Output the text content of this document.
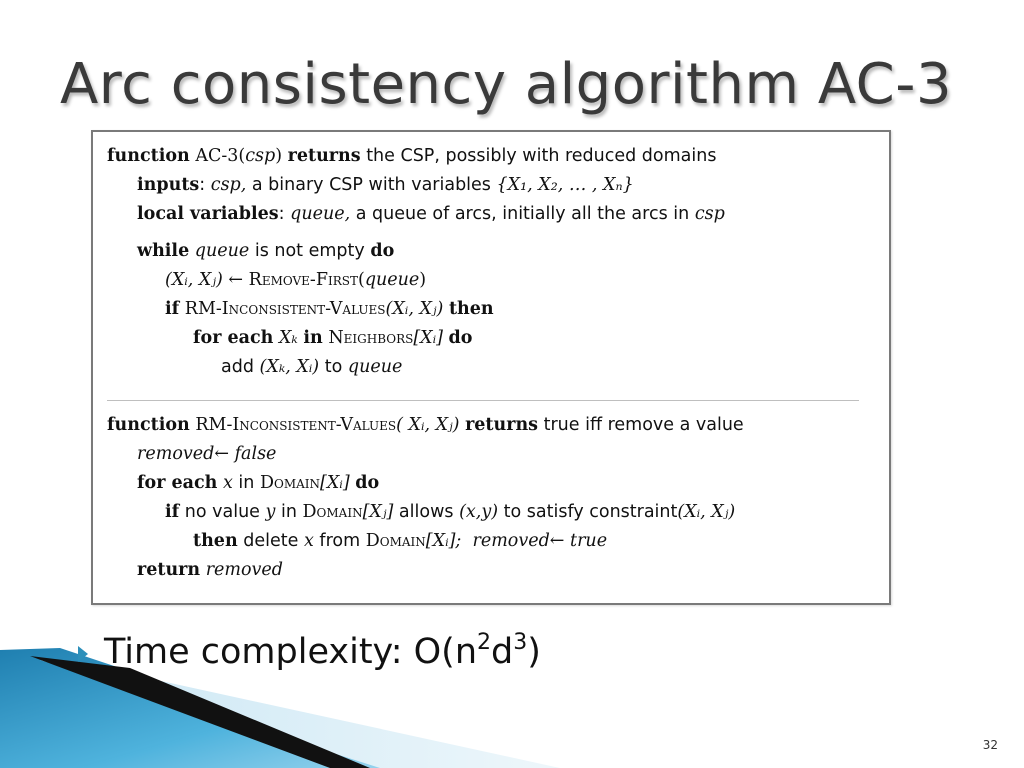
Arc consistency algorithm AC-3
function AC-3(csp) returns the CSP, possibly with reduced domains
inputs: csp, a binary CSP with variables {X₁, X₂, … , Xₙ}
local variables: queue, a queue of arcs, initially all the arcs in csp
while queue is not empty do
(Xᵢ, Xⱼ) ← Remove-First(queue)
if RM-Inconsistent-Values(Xᵢ, Xⱼ) then
for each Xₖ in Neighbors[Xᵢ] do
add (Xₖ, Xᵢ) to queue
function RM-Inconsistent-Values( Xᵢ, Xⱼ) returns true iff remove a value
removed← false
for each x in Domain[Xᵢ] do
if no value y in Domain[Xⱼ] allows (x,y) to satisfy constraint(Xᵢ, Xⱼ)
then delete x from Domain[Xᵢ]; removed← true
return removed
Time complexity: $O(n^2d^3)$
32
